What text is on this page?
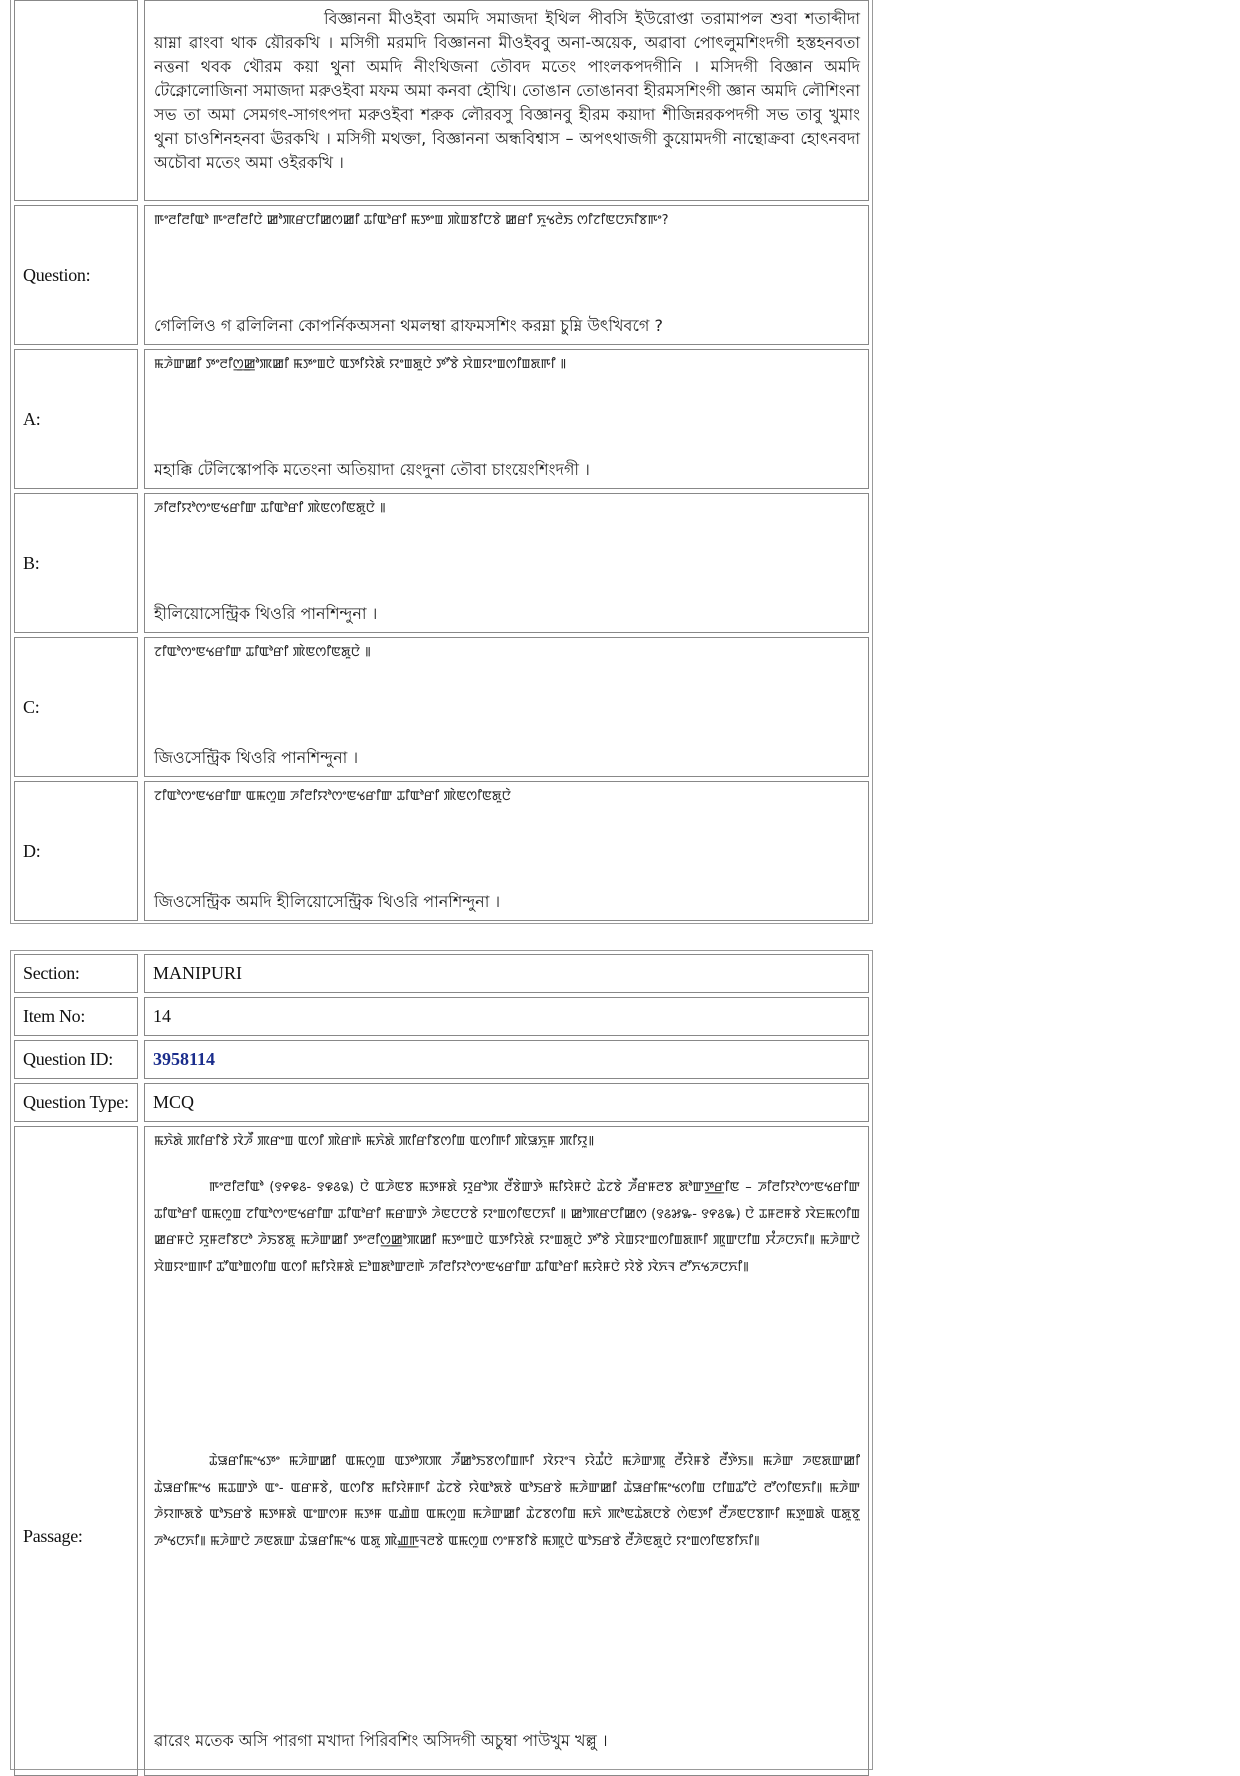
বিজ্ঞাননা মীওইবা অমদি সমাজদা ইথিল পীবসি ইউরোপ্তা তরামাপল শুবা শতাব্দীদা য়াম্না ৱাংবা থাক য়ৌরকখি । মসিগী মরমদি বিজ্ঞাননা মীওইববু অনা-অয়েক, অৱাবা পোৎলুমশিংদগী হস্তহনবতা নত্তনা থবক থৌরম কয়া থুনা অমদি নীংথিজনা তৌবদ মতেং পাংলকপদগীনি । মসিদগী বিজ্ঞান অমদি টেক্নোলোজিনা সমাজদা মরুওইবা মফম অমা কনবা হৌখি। তোঙান তোঙানবা হীরমসশিংগী জ্ঞান অমদি লৌশিংনা সভ তা অমা সেমগৎ-সাগৎপদা মরুওইবা শরুক লৌরবসু বিজ্ঞানবু হীরম কয়াদা শীজিন্নরকপদগী সভ তাবু খুমাং থুনা চাওশিনহনবা ঊরকখি । মসিগী মথক্তা, বিজ্ঞাননা অন্ধবিশ্বাস – অপৎথাজগী কুয়োমদগী নান্থোক্রবা হোৎনবদা অচৌবা মতেং অমা ওইরকখি ।
Question:
ꯒꯦꯂꯤꯂꯤꯑꯣ ꯒꯦꯂꯤꯂꯤꯅꯥ ꯀꯣꯄꯔꯅꯤꯀꯁꯀꯤ ꯊꯤꯑꯣꯔꯤ ꯃꯇꯦꯡ ꯄꯥꯡꯕꯤꯅꯕꯥ ꯀꯔꯤ ꯈꯨꯠꯂꯥꯏ ꯁꯤꯖꯤꯟꯅꯈꯤꯕꯒꯦ?
গেলিলিও গ ৱলিলিনা কোপর্নিকঅসনা থমলম্বা ৱাফমসশিং করম্না চুম্নি উৎখিবগে ?
A:
ꯃꯍꯥꯛꯀꯤ ꯇꯦꯂꯤꯁ꯭ꯀꯣꯄꯀꯤ ꯃꯇꯦꯡꯅꯥ ꯑꯇꯤꯌꯥꯗꯥ ꯌꯦꯡꯗꯨꯅꯥ ꯇꯧꯕꯥ ꯆꯥꯡꯌꯦꯡꯁꯤꯡꯗꯒꯤ ꯫
মহাক্কি টেলিস্কোপকি মতেংনা অতিয়াদা য়েংদুনা তৌবা চাংয়েংশিংদগী ।
B:
ꯍꯤꯂꯤꯌꯣꯁꯦꯟꯠꯔꯤꯛ ꯊꯤꯑꯣꯔꯤ ꯄꯥꯟꯁꯤꯟꯗꯨꯅꯥ ꯫
হীলিয়োসেন্ট্রিক থিওরি পানশিন্দুনা ।
C:
ꯖꯤꯑꯣꯁꯦꯟꯠꯔꯤꯛ ꯊꯤꯑꯣꯔꯤ ꯄꯥꯟꯁꯤꯟꯗꯨꯅꯥ ꯫
জিওসেন্ট্রিক থিওরি পানশিন্দুনা ।
D:
ꯖꯤꯑꯣꯁꯦꯟꯠꯔꯤꯛ ꯑꯃꯁꯨꯡ ꯍꯤꯂꯤꯌꯣꯁꯦꯟꯠꯔꯤꯛ ꯊꯤꯑꯣꯔꯤ ꯄꯥꯟꯁꯤꯟꯗꯨꯅꯥ
জিওসেন্ট্রিক অমদি হীলিয়োসেন্ট্রিক থিওরি পানশিন্দুনা ।
Section:	MANIPURI
Item No:	14
Question ID:	3958114
Question Type:	MCQ
Passage:
ꯃꯈꯥꯗꯥ ꯄꯤꯔꯤꯕꯥ ꯋꯥꯍꯩ ꯄꯔꯦꯡ ꯑꯁꯤ ꯄꯥꯔꯒꯥ ꯃꯈꯥꯗꯥ ꯄꯤꯔꯤꯕꯁꯤꯡ ꯑꯁꯤꯒꯤ ꯄꯥꯎꯈꯨꯝ ꯄꯤꯌꯨ꯫

ꯒꯦꯂꯤꯂꯤꯑꯣ (꯱꯵꯶꯴- ꯱꯶꯴꯲) ꯅꯥ ꯑꯍꯥꯟꯕ ꯃꯇꯝꯗꯥ ꯌꯨꯔꯣꯞ ꯂꯩꯕꯥꯛꯇꯥ ꯃꯤꯌꯥꯝꯅꯥ ꯊꯥꯖꯕꯥ ꯍꯩꯔꯝꯂꯕ ꯗꯣꯛꯇ꯭ꯔꯤꯟ – ꯍꯤꯂꯤꯌꯣꯁꯦꯟꯠꯔꯤꯛ ꯊꯤꯑꯣꯔꯤ ꯑꯃꯁꯨꯡ ꯖꯤꯑꯣꯁꯦꯟꯠꯔꯤꯛ ꯊꯤꯑꯣꯔꯤ ꯃꯔꯛꯇꯥ ꯍꯥꯟꯅꯅꯕꯥ ꯌꯦꯡꯁꯤꯟꯅꯈꯤ ꯫ ꯀꯣꯄꯔꯅꯤꯀꯁ (꯱꯴꯷꯳- ꯱꯵꯴꯳) ꯅꯥ ꯊꯝꯂꯝꯕꯥ ꯋꯥꯐꯃꯁꯤꯡ ꯀꯔꯝꯅꯥ ꯆꯨꯝꯂꯤꯕꯅꯣ ꯍꯥꯏꯕꯗꯨ ꯃꯍꯥꯛꯀꯤ ꯇꯦꯂꯤꯁ꯭ꯀꯣꯄꯀꯤ ꯃꯇꯦꯡꯅꯥ ꯑꯇꯤꯌꯥꯗꯥ ꯌꯦꯡꯗꯨꯅꯥ ꯇꯧꯕꯥ ꯆꯥꯡꯌꯦꯡꯁꯤꯡꯗꯒꯤ ꯄꯨꯛꯅꯤꯡ ꯆꯪꯍꯅꯈꯤ꯫ ꯃꯍꯥꯛꯅꯥ ꯆꯥꯡꯌꯦꯡꯒꯤ ꯊꯧꯑꯣꯡꯁꯤꯡ ꯑꯁꯤ ꯃꯤꯌꯥꯝꯗꯥ ꯐꯣꯡꯗꯣꯛꯂꯒꯥ ꯍꯤꯂꯤꯌꯣꯁꯦꯟꯠꯔꯤꯛ ꯊꯤꯑꯣꯔꯤ ꯃꯌꯥꯝꯅꯥ ꯌꯥꯕꯥ ꯋꯥꯈꯜ ꯂꯧꯈꯠꯍꯅꯈꯤ꯫

ꯊꯥꯎꯔꯤꯃꯦꯠꯇꯦ ꯃꯍꯥꯛꯀꯤ ꯑꯃꯁꯨꯡ ꯑꯇꯣꯞꯄ ꯍꯩꯀꯣꯏꯕꯁꯤꯡꯒꯤ ꯋꯥꯌꯦꯜ ꯌꯥꯊꯪꯅꯥ ꯃꯍꯥꯛꯄꯨ ꯂꯩꯌꯥꯝꯕꯥ ꯂꯩꯇꯥꯏ꯫ ꯃꯍꯥꯛ ꯍꯟꯗꯛꯀꯤ ꯊꯥꯎꯔꯤꯃꯦꯠ ꯃꯊꯛꯇꯥ ꯑꯦ- ꯑꯔꯝꯕꯥ, ꯑꯁꯤꯕ ꯃꯤꯌꯥꯝꯒꯤ ꯊꯥꯖꯕꯥ ꯌꯥꯑꯣꯗꯕꯥ ꯑꯣꯏꯔꯕꯥ ꯃꯍꯥꯛꯀꯤ ꯊꯥꯎꯔꯤꯃꯦꯠꯁꯤꯡ ꯅꯤꯡꯊꯧꯅꯥ ꯂꯧꯁꯤꯟꯈꯤ꯫ ꯃꯍꯥꯛ ꯍꯥꯌꯒꯗꯕꯥ ꯑꯣꯏꯔꯕꯥ ꯃꯇꯝꯗꯥ ꯑꯦꯛꯁꯝ ꯃꯇꯝ ꯑꯉꯥꯡ ꯑꯃꯁꯨꯡ ꯃꯍꯥꯛꯀꯤ ꯊꯥꯖꯕꯁꯤꯡ ꯃꯈꯥ ꯄꯣꯟꯊꯥꯗꯅꯕꯥ ꯁꯥꯟꯇꯤ ꯂꯩꯍꯟꯅꯕꯒꯤ ꯃꯇꯨꯡꯗꯥ ꯑꯗꯨꯕꯨ ꯍꯣꯠꯅꯈꯤ꯫ ꯃꯍꯥꯛꯅꯥ ꯍꯟꯗꯛ ꯊꯥꯎꯔꯤꯃꯦꯠ ꯑꯗꯨ ꯄꯥꯉ꯭ꯒꯜꯂꯕꯥ ꯑꯃꯁꯨꯡ ꯁꯦꯝꯕꯤꯕꯥ ꯃꯄꯨꯅꯥ ꯑꯣꯏꯔꯕꯥ ꯂꯩꯍꯥꯟꯗꯨꯅꯥ ꯌꯦꯡꯁꯤꯟꯕꯤꯈꯤ꯫

ৱারেং মতেক অসি পারগা মখাদা পিরিবশিং অসিদগী অচুম্বা পাউখুম খল্লু ।
